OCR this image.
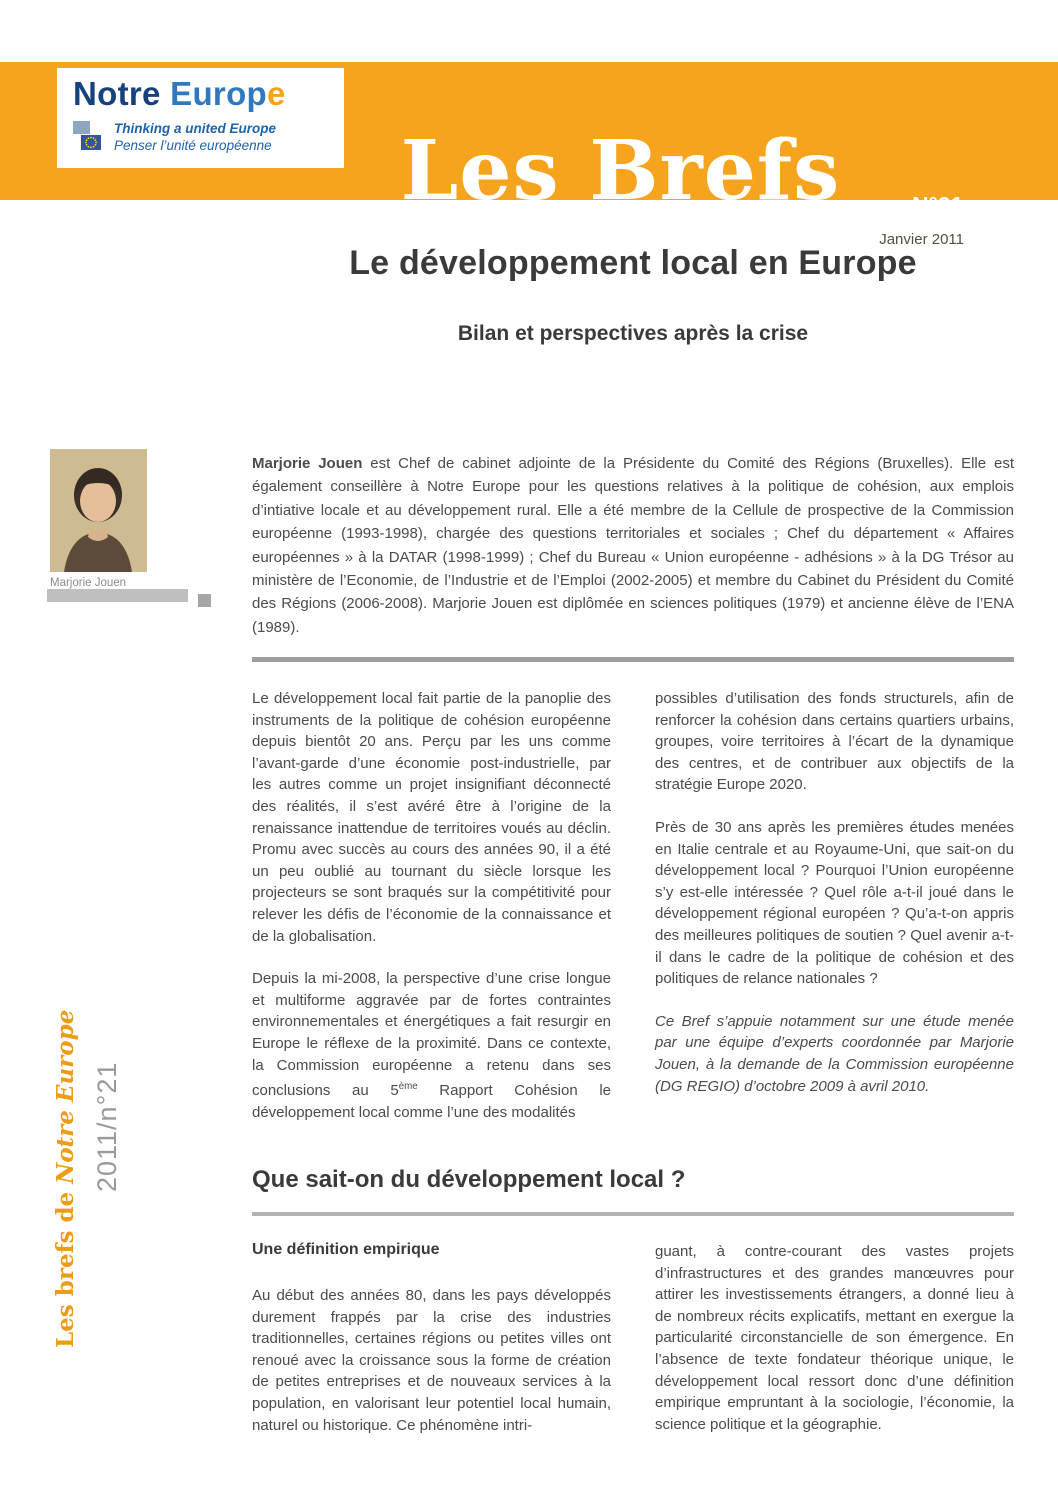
Les Brefs	N°21
Janvier 2011
Notre Europe
Thinking a united Europe
Penser l’unité européenne
Le développement local en Europe
Bilan et perspectives après la crise
Marjorie Jouen
Marjorie Jouen est Chef de cabinet adjointe de la Présidente du Comité des Régions (Bruxelles). Elle est également conseillère à Notre Europe pour les questions relatives à la politique de cohésion, aux emplois d’intiative locale et au développement rural. Elle a été membre de la Cellule de prospective de la Commission européenne (1993-1998), chargée des questions territoriales et sociales ; Chef du département « Affaires européennes » à la DATAR (1998-1999) ; Chef du Bureau « Union européenne - adhésions » à la DG Trésor au ministère de l’Economie, de l’Industrie et de l’Emploi (2002-2005) et membre du Cabinet du Président du Comité des Régions (2006-2008). Marjorie Jouen est diplômée en sciences politiques (1979) et ancienne élève de l’ENA (1989).

Le développement local fait partie de la panoplie des instruments de la politique de cohésion européenne depuis bientôt 20 ans. Perçu par les uns comme l’avant-garde d’une économie post-industrielle, par les autres comme un projet insignifiant déconnecté des réalités, il s’est avéré être à l’origine de la renaissance inattendue de territoires voués au déclin. Promu avec succès au cours des années 90, il a été un peu oublié au tournant du siècle lorsque les projecteurs se sont braqués sur la compétitivité pour relever les défis de l’économie de la connaissance et de la globalisation.

Depuis la mi-2008, la perspective d’une crise longue et multiforme aggravée par de fortes contraintes environnementales et énergétiques a fait resurgir en Europe le réflexe de la proximité. Dans ce contexte, la Commission européenne a retenu dans ses conclusions au 5ème Rapport Cohésion le développement local comme l’une des modalités

possibles d’utilisation des fonds structurels, afin de renforcer la cohésion dans certains quartiers urbains, groupes, voire territoires à l’écart de la dynamique des centres, et de contribuer aux objectifs de la stratégie Europe 2020.

Près de 30 ans après les premières études menées en Italie centrale et au Royaume-Uni, que sait-on du développement local ? Pourquoi l’Union européenne s’y est-elle intéressée ? Quel rôle a-t-il joué dans le développement régional européen ? Qu’a-t-on appris des meilleures politiques de soutien ? Quel avenir a-t-il dans le cadre de la politique de cohésion et des politiques de relance nationales ?

Ce Bref s’appuie notamment sur une étude menée par une équipe d’experts coordonnée par Marjorie Jouen, à la demande de la Commission européenne (DG REGIO) d’octobre 2009 à avril 2010.

Que sait-on du développement local ?
Une définition empirique

Au début des années 80, dans les pays développés durement frappés par la crise des industries traditionnelles, certaines régions ou petites villes ont renoué avec la croissance sous la forme de création de petites entreprises et de nouveaux services à la population, en valorisant leur potentiel local humain, naturel ou historique. Ce phénomène intri-

guant, à contre-courant des vastes projets d’infrastructures et des grandes manœuvres pour attirer les investissements étrangers, a donné lieu à de nombreux récits explicatifs, mettant en exergue la particularité circonstancielle de son émergence. En l’absence de texte fondateur théorique unique, le développement local ressort donc d’une définition empirique empruntant à la sociologie, l’économie, la science politique et la géographie.

Les brefs de Notre Europe 2011/n°21
